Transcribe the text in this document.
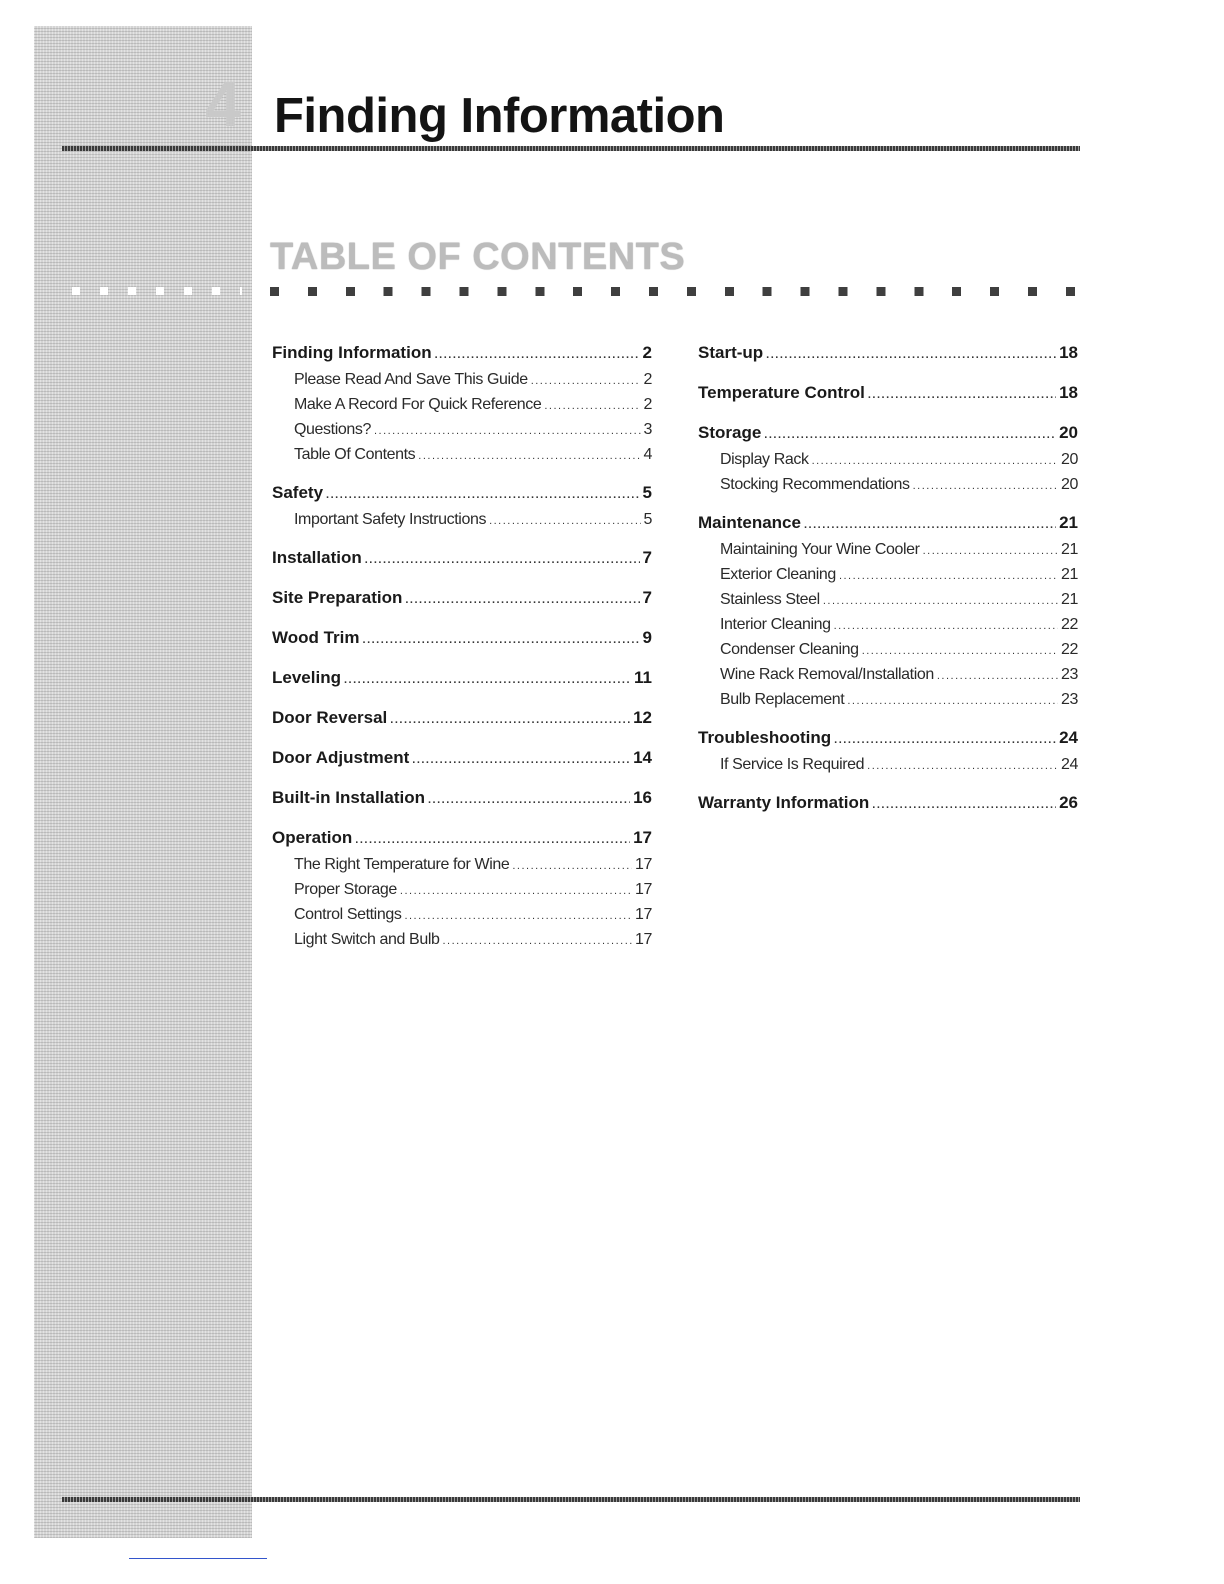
4 Finding Information
TABLE OF CONTENTS
Finding Information .....	2
Please Read And Save This Guide .....	2
Make A Record For Quick Reference .....	2
Questions? .....	3
Table Of Contents .....	4
Safety .....	5
Important Safety Instructions .....	5
Installation .....	7
Site Preparation .....	7
Wood Trim .....	9
Leveling .....	11
Door Reversal .....	12
Door Adjustment .....	14
Built-in Installation .....	16
Operation .....	17
The Right Temperature for Wine .....	17
Proper Storage .....	17
Control Settings .....	17
Light Switch and Bulb .....	17
Start-up .....	18
Temperature Control .....	18
Storage .....	20
Display Rack .....	20
Stocking Recommendations .....	20
Maintenance .....	21
Maintaining Your Wine Cooler .....	21
Exterior Cleaning .....	21
Stainless Steel .....	21
Interior Cleaning .....	22
Condenser Cleaning .....	22
Wine Rack Removal/Installation .....	23
Bulb Replacement .....	23
Troubleshooting .....	24
If Service Is Required .....	24
Warranty Information .....	26
